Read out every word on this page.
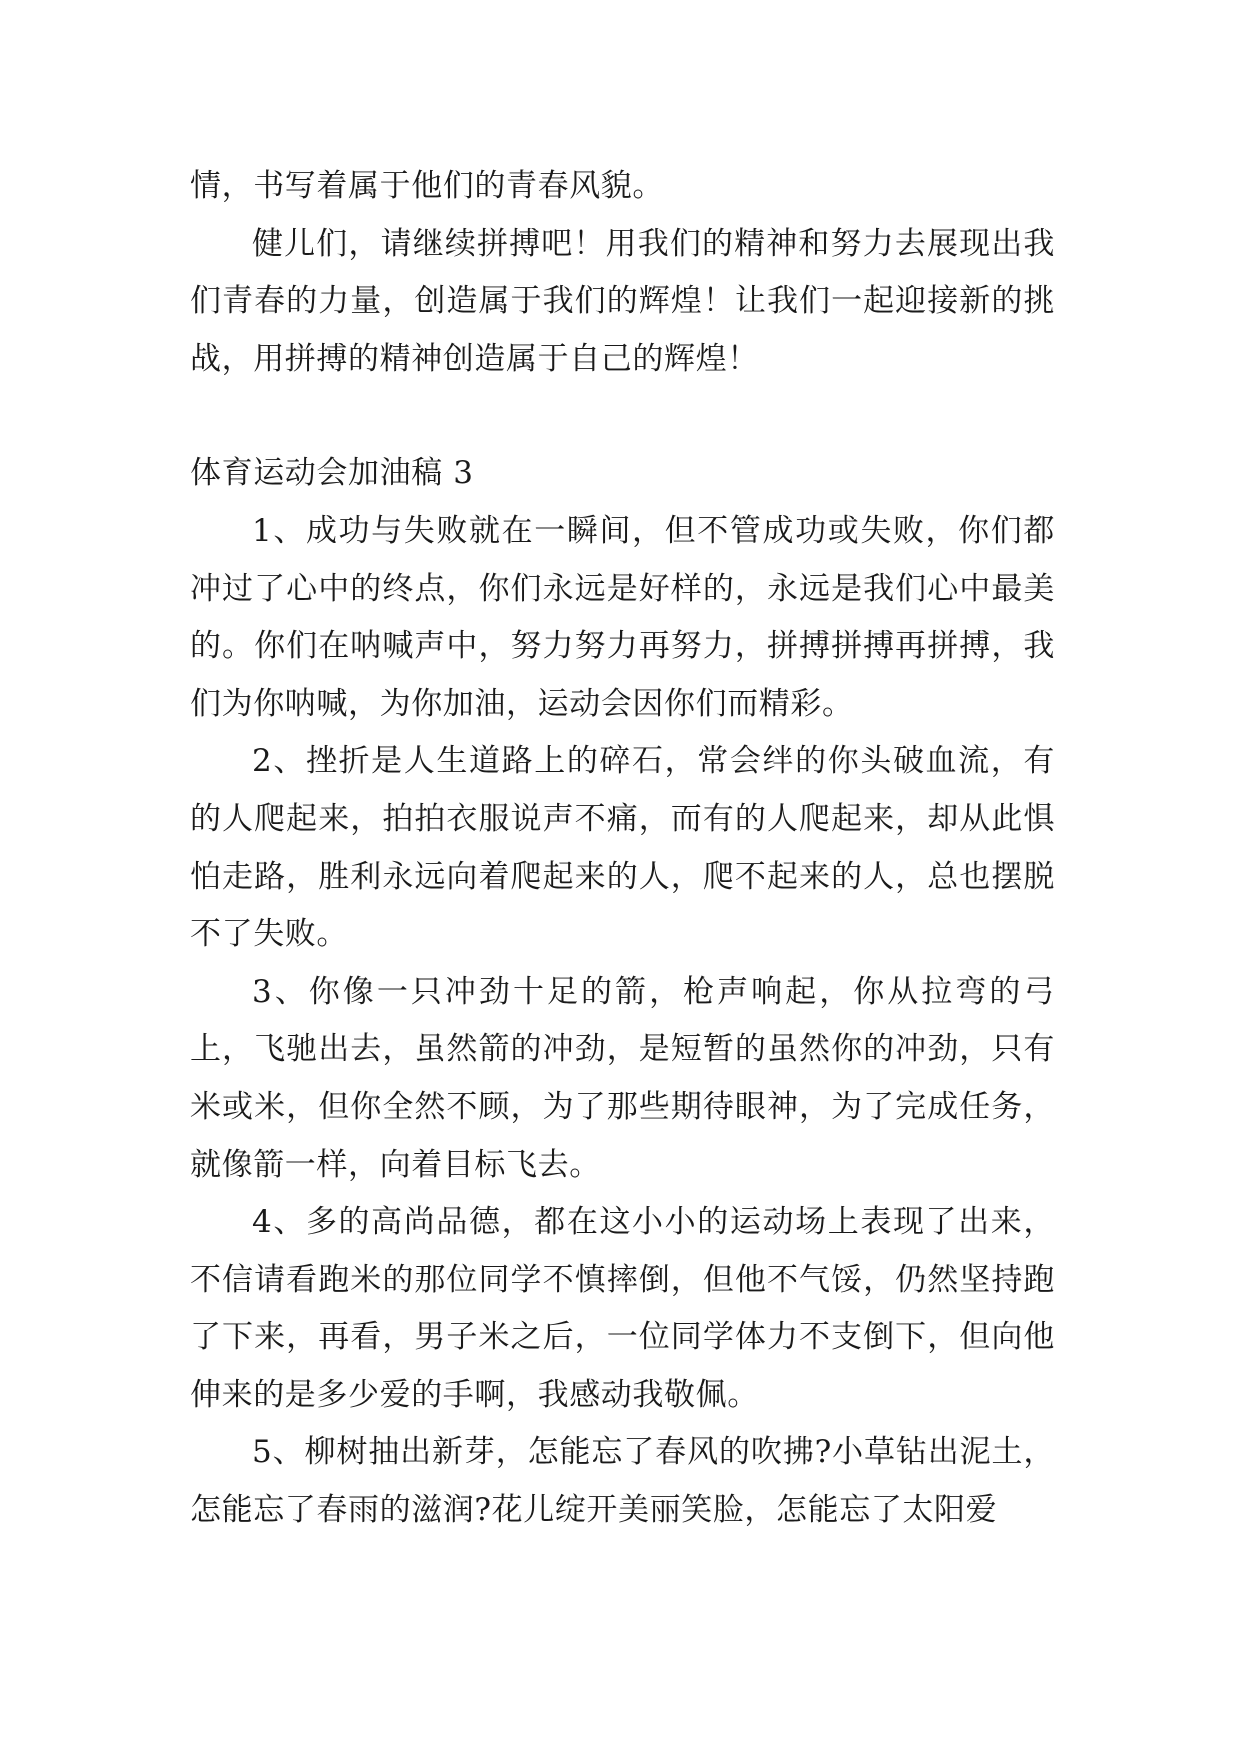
情，书写着属于他们的青春风貌。

健儿们，请继续拼搏吧！用我们的精神和努力去展现出我们青春的力量，创造属于我们的辉煌！让我们一起迎接新的挑战，用拼搏的精神创造属于自己的辉煌！

体育运动会加油稿 3

1、成功与失败就在一瞬间，但不管成功或失败，你们都冲过了心中的终点，你们永远是好样的，永远是我们心中最美的。你们在呐喊声中，努力努力再努力，拼搏拼搏再拼搏，我们为你呐喊，为你加油，运动会因你们而精彩。

2、挫折是人生道路上的碎石，常会绊的你头破血流，有的人爬起来，拍拍衣服说声不痛，而有的人爬起来，却从此惧怕走路，胜利永远向着爬起来的人，爬不起来的人，总也摆脱不了失败。

3、你像一只冲劲十足的箭，枪声响起，你从拉弯的弓上，飞驰出去，虽然箭的冲劲，是短暂的虽然你的冲劲，只有米或米，但你全然不顾，为了那些期待眼神，为了完成任务，就像箭一样，向着目标飞去。

4、多的高尚品德，都在这小小的运动场上表现了出来，不信请看跑米的那位同学不慎摔倒，但他不气馁，仍然坚持跑了下来，再看，男子米之后，一位同学体力不支倒下，但向他伸来的是多少爱的手啊，我感动我敬佩。

5、柳树抽出新芽，怎能忘了春风的吹拂?小草钻出泥土，怎能忘了春雨的滋润?花儿绽开美丽笑脸，怎能忘了太阳爱
